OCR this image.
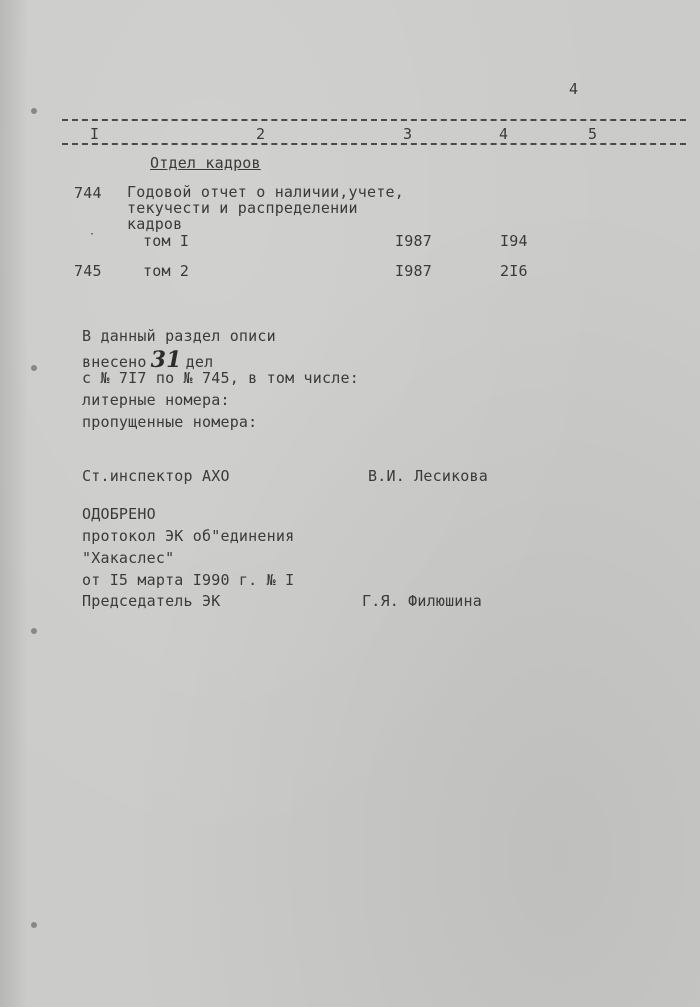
4
I	2	3	4	5
Отдел кадров
744 Годовой отчет о наличии,учете,
текучести и распределении
кадров
·	том I	I987	I94
745	том 2	I987	2I6
В данный раздел описи
внесено 31 дел
с № 7I7 по № 745, в том числе:
литерные номера:
пропущенные номера:
Ст.инспектор АХО	В.И. Лесикова
ОДОБРЕНО
протокол ЭК об"единения
"Хакаслес"
от I5 марта I990 г. № I
Председатель ЭК	Г.Я. Филюшина
